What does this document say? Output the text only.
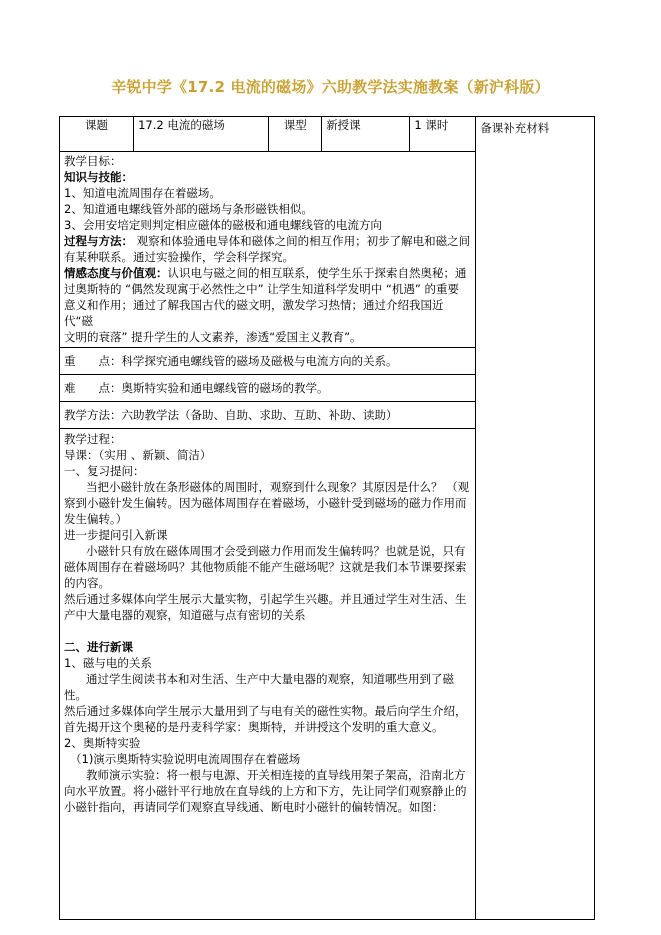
辛锐中学《17.2 电流的磁场》六助教学法实施教案（新沪科版）
课题	17.2 电流的磁场	课型	新授课	1 课时	备课补充材料

教学目标：

知识与技能：

1、知道电流周围存在着磁场。

2、知道通电螺线管外部的磁场与条形磁铁相似。

3、会用安培定则判定相应磁体的磁极和通电螺线管的电流方向

过程与方法： 观察和体验通电导体和磁体之间的相互作用；初步了解电和磁之间

有某种联系。通过实验操作，学会科学探究。

情感态度与价值观：认识电与磁之间的相互联系，使学生乐于探索自然奥秘；通

过奥斯特的 “偶然发现寓于必然性之中” 让学生知道科学发明中 “机遇” 的重要

意义和作用；通过了解我国古代的磁文明，激发学习热情；通过介绍我国近代“磁

文明的衰落” 提升学生的人文素养，渗透“爱国主义教育”。

重　　点：科学探究通电螺线管的磁场及磁极与电流方向的关系。
难　　点：奥斯特实验和通电螺线管的磁场的教学。
教学方法：六助教学法（备助、自助、求助、互助、补助、读助）

教学过程：

导课：（实用 、新颖、简洁）

一、复习提问：

当把小磁针放在条形磁体的周围时，观察到什么现象？其原因是什么？ （观

察到小磁针发生偏转。因为磁体周围存在着磁场，小磁针受到磁场的磁力作用而

发生偏转。）

进一步提问引入新课

小磁针只有放在磁体周围才会受到磁力作用而发生偏转吗？也就是说，只有

磁体周围存在着磁场吗？其他物质能不能产生磁场呢？这就是我们本节课要探索

的内容。

然后通过多媒体向学生展示大量实物，引起学生兴趣。并且通过学生对生活、生

产中大量电器的观察，知道磁与点有密切的关系

二、进行新课

1、磁与电的关系

通过学生阅读书本和对生活、生产中大量电器的观察，知道哪些用到了磁性。

然后通过多媒体向学生展示大量用到了与电有关的磁性实物。最后向学生介绍，

首先揭开这个奥秘的是丹麦科学家：奥斯特，并讲授这个发明的重大意义。

2、奥斯特实验

（1)演示奥斯特实验说明电流周围存在着磁场

教师演示实验：将一根与电源、开关相连接的直导线用架子架高，沿南北方

向水平放置。将小磁针平行地放在直导线的上方和下方，先让同学们观察静止的

小磁针指向，再请同学们观察直导线通、断电时小磁针的偏转情况。如图：
